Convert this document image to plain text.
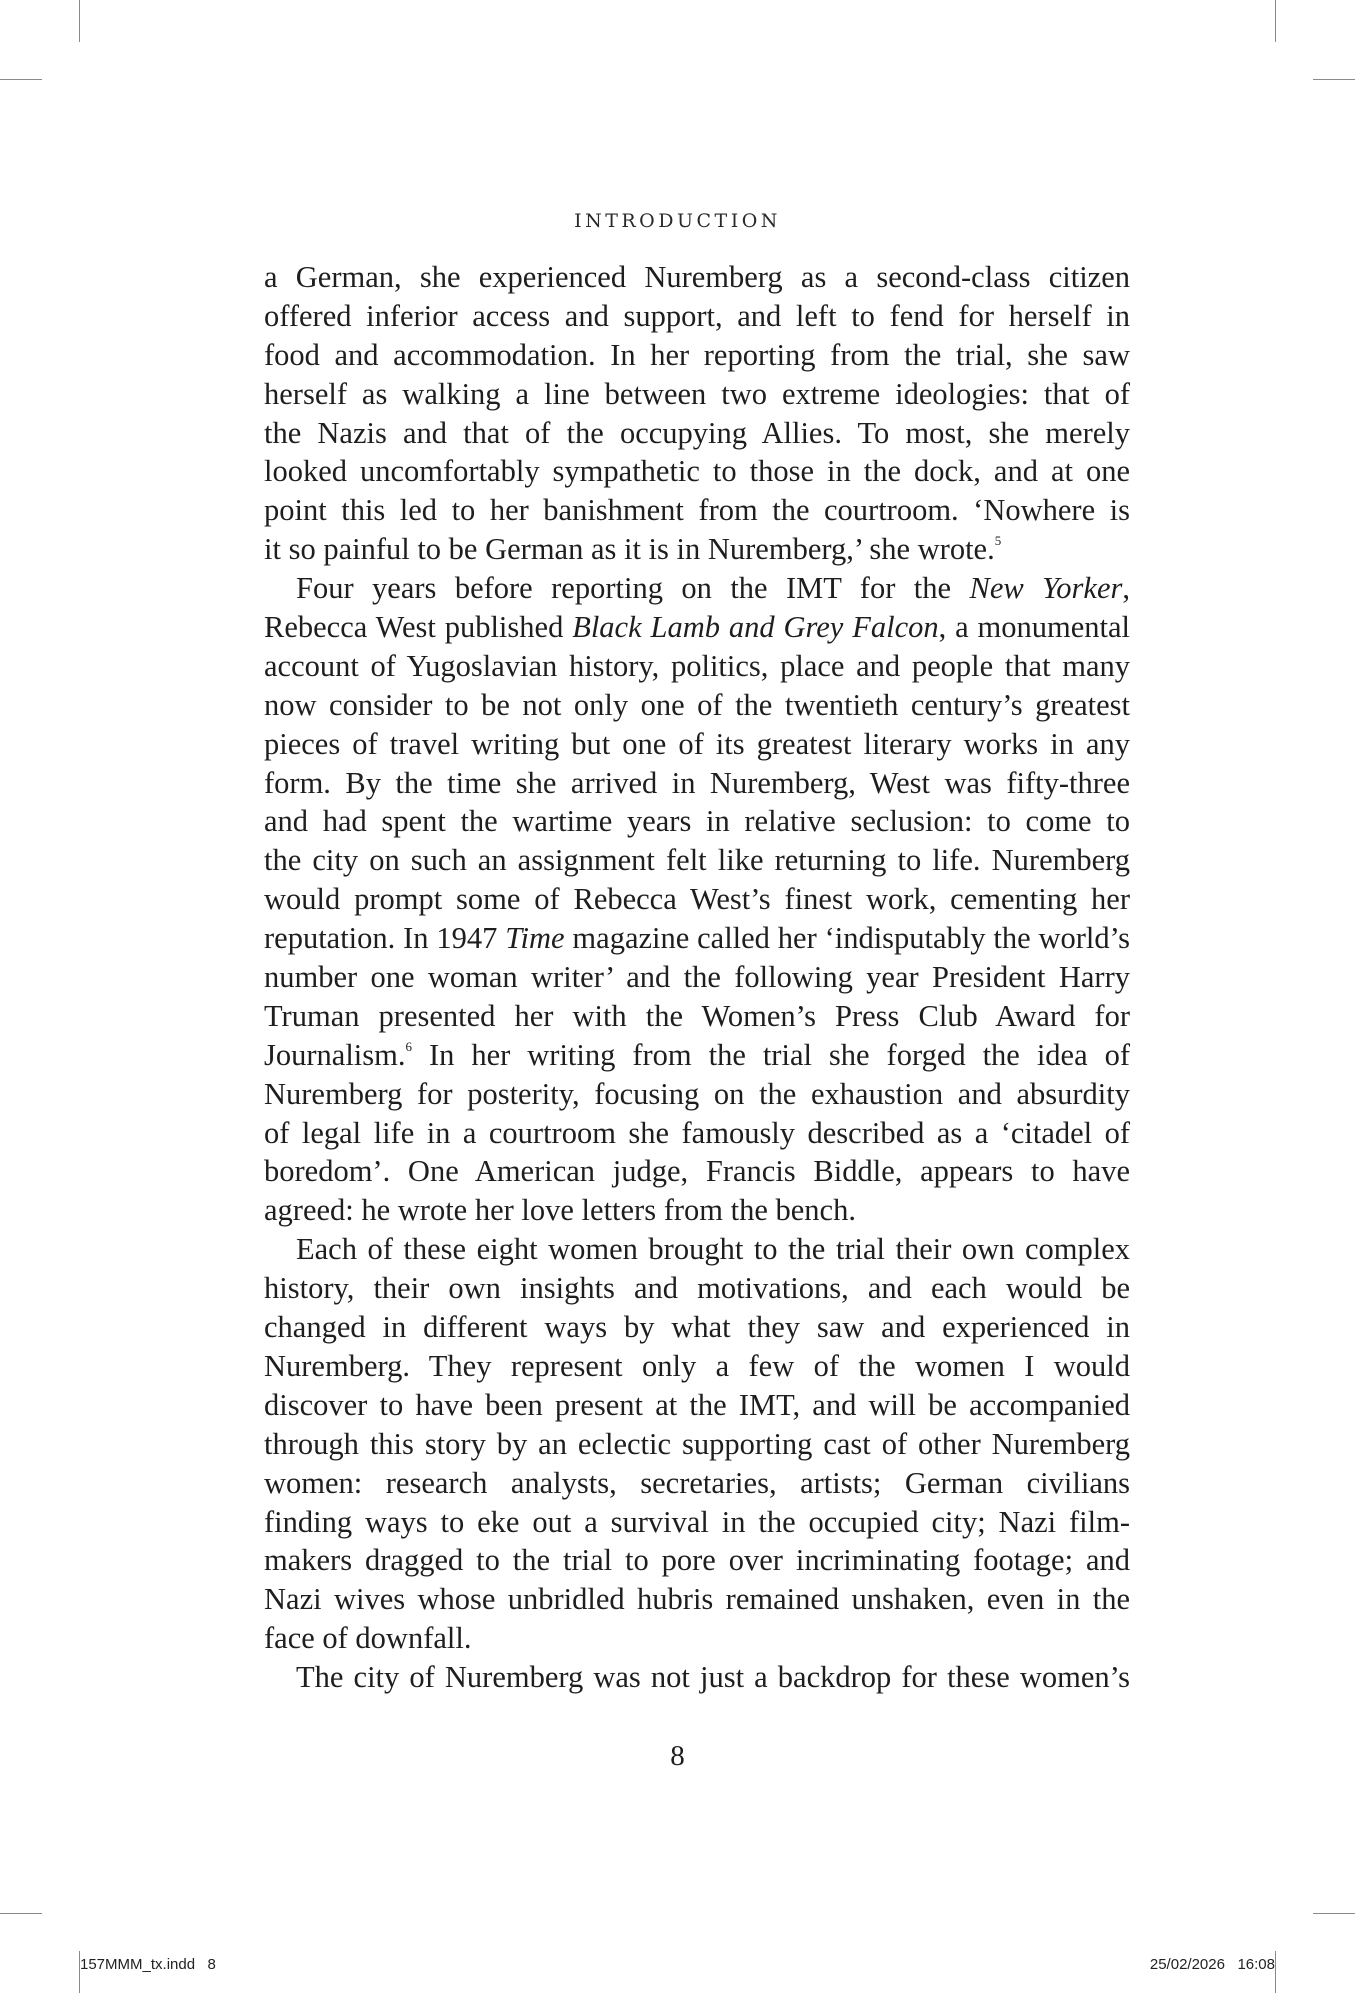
INTRODUCTION
a German, she experienced Nuremberg as a second-class citizen
offered inferior access and support, and left to fend for herself in
food and accommodation. In her reporting from the trial, she saw
herself as walking a line between two extreme ideologies: that of
the Nazis and that of the occupying Allies. To most, she merely
looked uncomfortably sympathetic to those in the dock, and at one
point this led to her banishment from the courtroom. ‘Nowhere is
it so painful to be German as it is in Nuremberg,’ she wrote.$^5$
Four years before reporting on the IMT for the New Yorker,
Rebecca West published Black Lamb and Grey Falcon, a monumental
account of Yugoslavian history, politics, place and people that many
now consider to be not only one of the twentieth century’s greatest
pieces of travel writing but one of its greatest literary works in any
form. By the time she arrived in Nuremberg, West was fifty-three
and had spent the wartime years in relative seclusion: to come to
the city on such an assignment felt like returning to life. Nuremberg
would prompt some of Rebecca West’s finest work, cementing her
reputation. In 1947 Time magazine called her ‘indisputably the world’s
number one woman writer’ and the following year President Harry
Truman presented her with the Women’s Press Club Award for
Journalism.$^6$ In her writing from the trial she forged the idea of
Nuremberg for posterity, focusing on the exhaustion and absurdity
of legal life in a courtroom she famously described as a ‘citadel of
boredom’. One American judge, Francis Biddle, appears to have
agreed: he wrote her love letters from the bench.
Each of these eight women brought to the trial their own complex
history, their own insights and motivations, and each would be
changed in different ways by what they saw and experienced in
Nuremberg. They represent only a few of the women I would
discover to have been present at the IMT, and will be accompanied
through this story by an eclectic supporting cast of other Nuremberg
women: research analysts, secretaries, artists; German civilians
finding ways to eke out a survival in the occupied city; Nazi film-
makers dragged to the trial to pore over incriminating footage; and
Nazi wives whose unbridled hubris remained unshaken, even in the
face of downfall.
The city of Nuremberg was not just a backdrop for these women’s
8
157MMM_tx.indd   8	25/02/2026   16:08
